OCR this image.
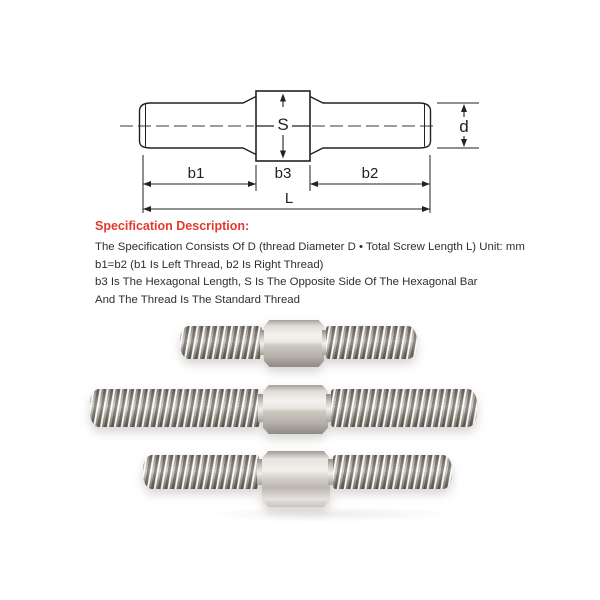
S	d
b1	b3	b2
L
Specification Description:
The Specification Consists Of D (thread Diameter D • Total Screw Length L) Unit: mm
b1=b2 (b1 Is Left Thread, b2 Is Right Thread)
b3 Is The Hexagonal Length, S Is The Opposite Side Of The Hexagonal Bar
And The Thread Is The Standard Thread
